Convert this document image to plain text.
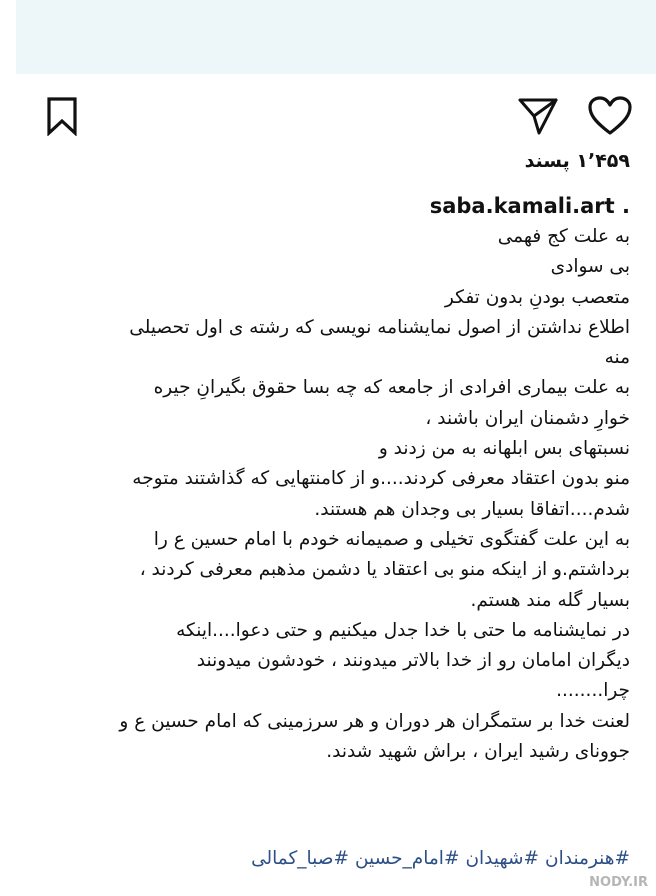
۱٬۴۵۹ پسند
saba.kamali.art .
به علت کج فهمی
بی سوادی
متعصب بودنِ بدون تفکر
اطلاع نداشتن از اصول نمایشنامه نویسی که رشته ی اول تحصیلی
منه
به علت بیماری افرادی از جامعه که چه بسا حقوق بگیرانِ جیره
خوارِ دشمنان ایران باشند ،
نسبتهای بس ابلهانه به من زدند و
منو بدون اعتقاد معرفی کردند....و از کامنتهایی که گذاشتند متوجه
شدم....اتفاقا بسیار بی وجدان هم هستند.
به این علت گفتگوی تخیلی و صمیمانه خودم با امام حسین ع را
برداشتم.و از اینکه منو بی اعتقاد یا دشمن مذهبم معرفی کردند ،
بسیار گله مند هستم.
در نمایشنامه ما حتی با خدا جدل میکنیم و حتی دعوا....اینکه
دیگران امامان رو از خدا بالاتر میدونند ، خودشون میدونند
چرا........
لعنت خدا بر ستمگران هر دوران و هر سرزمینی که امام حسین ع و
جوونای رشید ایران ، براش شهید شدند.
#هنرمندان#شهیدان#امام_حسین#صبا_کمالی
NODY.IR
